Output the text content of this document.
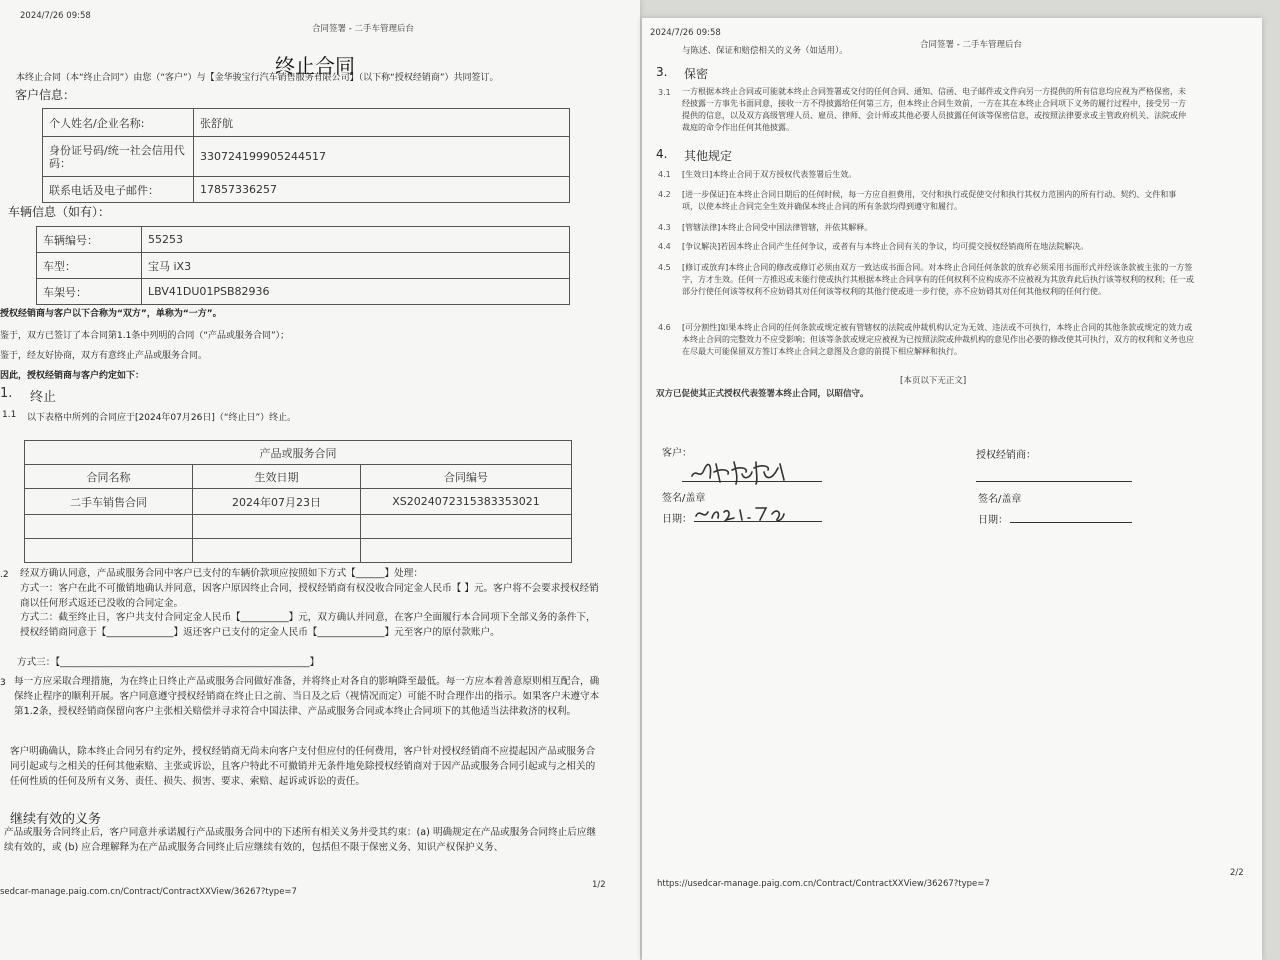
2024/7/26 09:58
合同签署 - 二手车管理后台
终止合同
本终止合同（本“终止合同”）由您（“客户”）与【金华骏宝行汽车销售服务有限公司】（以下称“授权经销商”）共同签订。
客户信息：
个人姓名/企业名称:	张舒航
身份证号码/统一社会信用代码：	330724199905244517
联系电话及电子邮件：	17857336257
车辆信息（如有）：
车辆编号：	55253
车型：	宝马 iX3
车架号：	LBV41DU01PSB82936
授权经销商与客户以下合称为“双方”，单称为“一方”。
鉴于，双方已签订了本合同第1.1条中列明的合同（“产品或服务合同”）；
鉴于，经友好协商，双方有意终止产品或服务合同。
因此，授权经销商与客户约定如下：
1. 终止
1.1 以下表格中所列的合同应于[2024年07月26日]（“终止日”）终止。
产品或服务合同		
合同名称	生效日期	合同编号
二手车销售合同	2024年07月23日	XS2024072315383353021

.2 经双方确认同意，产品或服务合同中客户已支付的车辆价款项应按照如下方式【______】处理：
方式一：客户在此不可撤销地确认并同意，因客户原因终止合同，授权经销商有权没收合同定金人民币【 】元。客户将不会要求授权经销商以任何形式返还已没收的合同定金。
方式二：截至终止日，客户共支付合同定金人民币【__________】元，双方确认并同意，在客户全面履行本合同项下全部义务的条件下，授权经销商同意于【______________】返还客户已支付的定金人民币【______________】元至客户的原付款账户。
方式三：【____________________________________________________】
3 每一方应采取合理措施，为在终止日终止产品或服务合同做好准备，并将终止对各自的影响降至最低。每一方应本着善意原则相互配合，确保终止程序的顺利开展。客户同意遵守授权经销商在终止日之前、当日及之后（视情况而定）可能不时合理作出的指示。如果客户未遵守本第1.2条，授权经销商保留向客户主张相关赔偿并寻求符合中国法律、产品或服务合同或本终止合同项下的其他适当法律救济的权利。
客户明确确认，除本终止合同另有约定外，授权经销商无尚未向客户支付但应付的任何费用，客户针对授权经销商不应提起因产品或服务合同引起或与之相关的任何其他索赔、主张或诉讼，且客户特此不可撤销并无条件地免除授权经销商对于因产品或服务合同引起或与之相关的任何性质的任何及所有义务、责任、损失、损害、要求、索赔、起诉或诉讼的责任。
继续有效的义务
产品或服务合同终止后，客户同意并承诺履行产品或服务合同中的下述所有相关义务并受其约束：(a) 明确规定在产品或服务合同终止后应继续有效的，或 (b) 应合理解释为在产品或服务合同终止后应继续有效的，包括但不限于保密义务、知识产权保护义务、
sedcar-manage.paig.com.cn/Contract/ContractXXView/36267?type=7
1/2
2024/7/26 09:58
合同签署 - 二手车管理后台
与陈述、保证和赔偿相关的义务（如适用）。
3. 保密
3.1 一方根据本终止合同或可能就本终止合同签署或交付的任何合同、通知、信函、电子邮件或文件向另一方提供的所有信息均应视为严格保密，未经披露一方事先书面同意，接收一方不得披露给任何第三方，但本终止合同生效前，一方在其在本终止合同项下义务的履行过程中，接受另一方提供的信息，以及双方高级管理人员、雇员、律师、会计师或其他必要人员披露任何该等保密信息，或按照法律要求或主管政府机关、法院或仲裁庭的命令作出任何其他披露。
4. 其他规定
4.1 [生效日]本终止合同于双方授权代表签署后生效。
4.2 [进一步保证]在本终止合同日期后的任何时候，每一方应自担费用，交付和执行或促使交付和执行其权力范围内的所有行动、契约、文件和事项，以使本终止合同完全生效并确保本终止合同的所有条款均得到遵守和履行。
4.3 [管辖法律]本终止合同受中国法律管辖，并依其解释。
4.4 [争议解决]若因本终止合同产生任何争议，或者有与本终止合同有关的争议，均可提交授权经销商所在地法院解决。
4.5 [修订或放弃]本终止合同的修改或修订必须由双方一致达成书面合同。对本终止合同任何条款的放弃必须采用书面形式并经该条款被主张的一方签字，方才生效。任何一方推迟或未能行使或执行其根据本终止合同享有的任何权利不应构成亦不应被视为其放弃此后执行该等权利的权利；任一或部分行使任何该等权利不应妨碍其对任何该等权利的其他行使或进一步行使，亦不应妨碍其对任何其他权利的任何行使。
4.6 [可分割性]如果本终止合同的任何条款或规定被有管辖权的法院或仲裁机构认定为无效、违法或不可执行，本终止合同的其他条款或规定的效力或本终止合同的完整效力不应受影响；但该等条款或规定应被视为已按照法院或仲裁机构的意见作出必要的修改使其可执行，双方的权利和义务也应在尽最大可能保留双方签订本终止合同之意图及合意的前提下相应解释和执行。
[本页以下无正文]
双方已促使其正式授权代表签署本终止合同，以昭信守。
客户：
签名/盖章
日期：
授权经销商：
签名/盖章
日期：
https://usedcar-manage.paig.com.cn/Contract/ContractXXView/36267?type=7
2/2
